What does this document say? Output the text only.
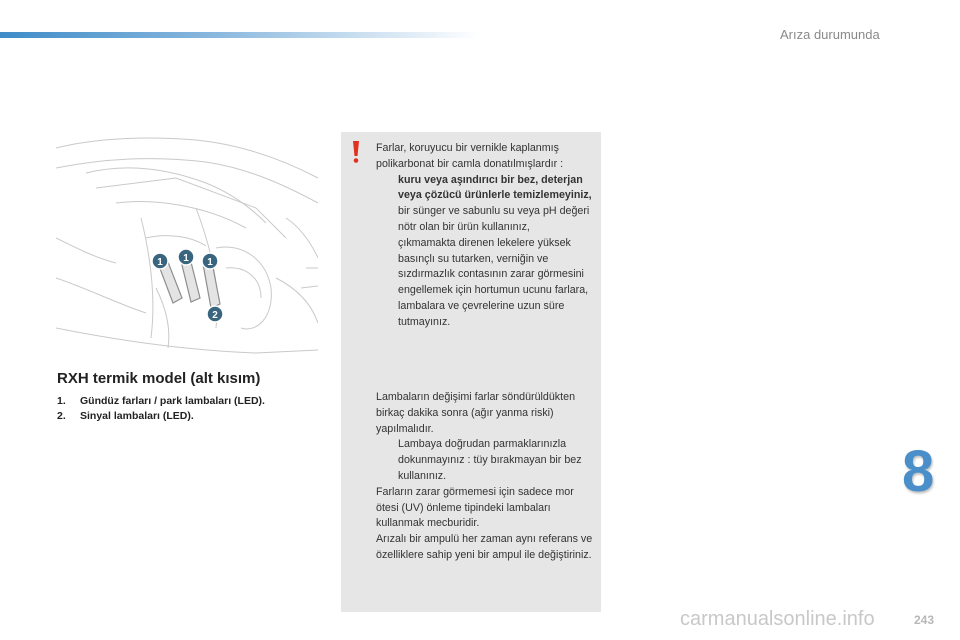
Arıza durumunda
1 1 1
2
RXH termik model (alt kısım)
1.	Gündüz farları / park lambaları (LED).
2.	Sinyal lambaları (LED).

Farlar, koruyucu bir vernikle kaplanmış polikarbonat bir camla donatılmışlardır :

kuru veya aşındırıcı bir bez, deterjan veya çözücü ürünlerle temizlemeyiniz,
bir sünger ve sabunlu su veya pH değeri nötr olan bir ürün kullanınız,
çıkmamakta direnen lekelere yüksek basınçlı su tutarken, verniğin ve sızdırmazlık contasının zarar görmesini engellemek için hortumun ucunu farlara, lambalara ve çevrelerine uzun süre tutmayınız.

Lambaların değişimi farlar söndürüldükten birkaç dakika sonra (ağır yanma riski) yapılmalıdır.

Lambaya doğrudan parmaklarınızla dokunmayınız : tüy bırakmayan bir bez kullanınız.

Farların zarar görmemesi için sadece mor ötesi (UV) önleme tipindeki lambaları kullanmak mecburidir.

Arızalı bir ampulü her zaman aynı referans ve özelliklere sahip yeni bir ampul ile değiştiriniz.

8
carmanualsonline.info	243
